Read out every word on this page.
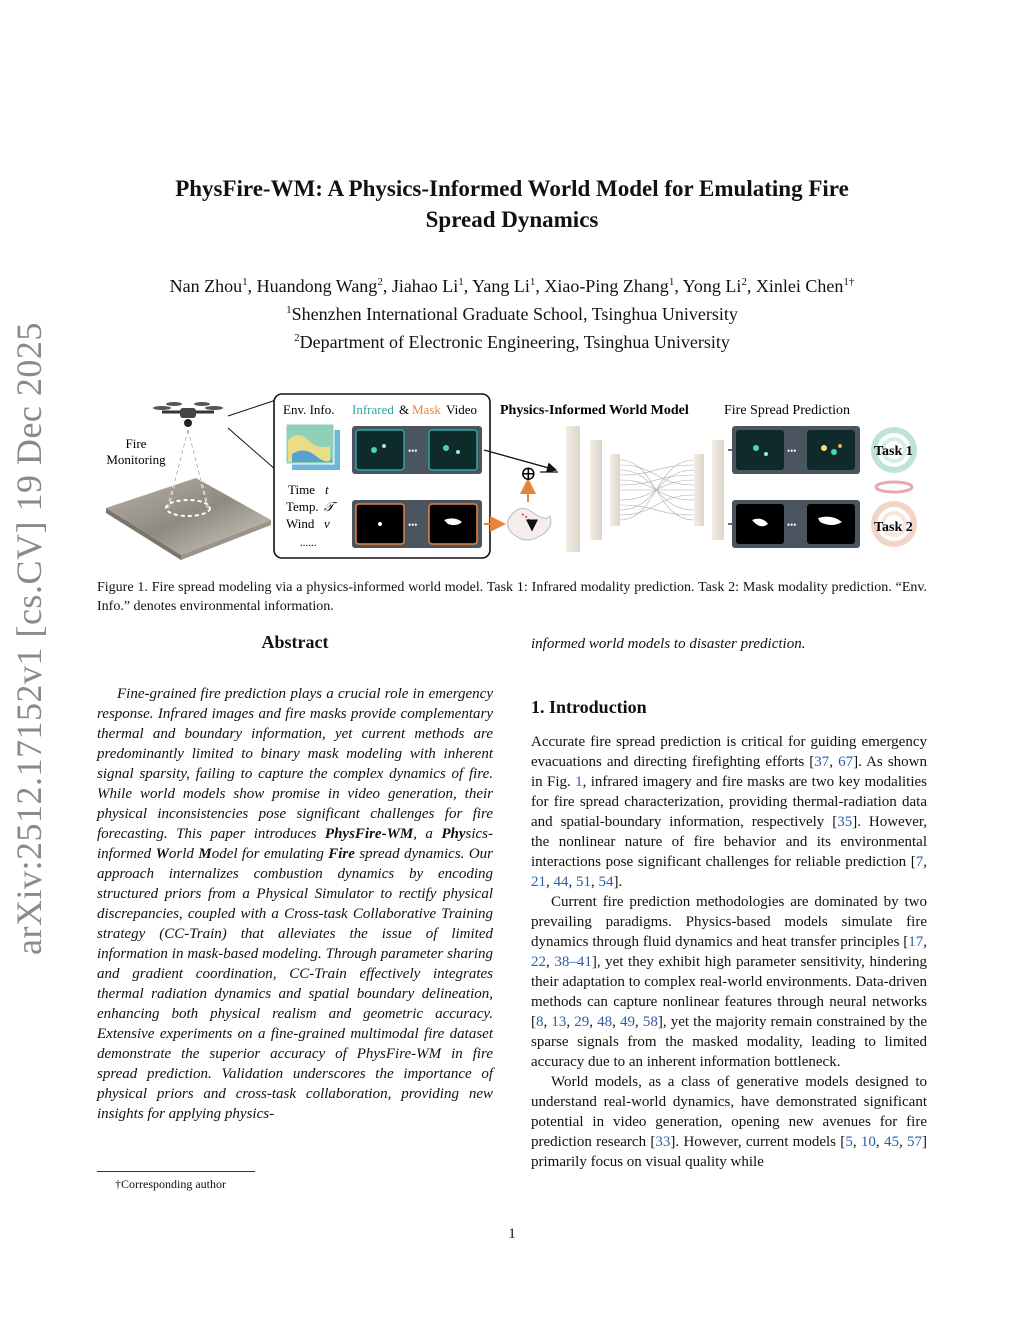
arXiv:2512.17152v1 [cs.CV] 19 Dec 2025
PhysFire-WM: A Physics-Informed World Model for Emulating Fire
Spread Dynamics
Nan Zhou$^1$, Huandong Wang$^2$, Jiahao Li$^1$, Yang Li$^1$, Xiao-Ping Zhang$^1$, Yong Li$^2$, Xinlei Chen$^{1\dagger}$
$^1$Shenzhen International Graduate School, Tsinghua University
$^2$Department of Electronic Engineering, Tsinghua University
Fire
Monitoring
Env. Info. Infrared & Mask Video
Time t
Temp. 𝒯
Wind v
......
•••
•••
⊕
Physics-Informed World Model	Fire Spread Prediction
•••
•••
Task 1
Task 2
Figure 1. Fire spread modeling via a physics-informed world model. Task 1: Infrared modality prediction. Task 2: Mask modality prediction. “Env. Info.” denotes environmental information.
Abstract

Fine-grained fire prediction plays a crucial role in emergency response. Infrared images and fire masks provide complementary thermal and boundary information, yet current methods are predominantly limited to binary mask modeling with inherent signal sparsity, failing to capture the complex dynamics of fire. While world models show promise in video generation, their physical inconsistencies pose significant challenges for fire forecasting. This paper introduces PhysFire-WM, a Physics-informed World Model for emulating Fire spread dynamics. Our approach internalizes combustion dynamics by encoding structured priors from a Physical Simulator to rectify physical discrepancies, coupled with a Cross-task Collaborative Training strategy (CC-Train) that alleviates the issue of limited information in mask-based modeling. Through parameter sharing and gradient coordination, CC-Train effectively integrates thermal radiation dynamics and spatial boundary delineation, enhancing both physical realism and geometric accuracy. Extensive experiments on a fine-grained multimodal fire dataset demonstrate the superior accuracy of PhysFire-WM in fire spread prediction. Validation underscores the importance of physical priors and cross-task collaboration, providing new insights for applying physics-

informed world models to disaster prediction.

1. Introduction

Accurate fire spread prediction is critical for guiding emergency evacuations and directing firefighting efforts [37, 67]. As shown in Fig. 1, infrared imagery and fire masks are two key modalities for fire spread characterization, providing thermal-radiation data and spatial-boundary information, respectively [35]. However, the nonlinear nature of fire behavior and its environmental interactions pose significant challenges for reliable prediction [7, 21, 44, 51, 54].

Current fire prediction methodologies are dominated by two prevailing paradigms. Physics-based models simulate fire dynamics through fluid dynamics and heat transfer principles [17, 22, 38–41], yet they exhibit high parameter sensitivity, hindering their adaptation to complex real-world environments. Data-driven methods can capture nonlinear features through neural networks [8, 13, 29, 48, 49, 58], yet the majority remain constrained by the sparse signals from the masked modality, leading to limited accuracy due to an inherent information bottleneck.

World models, as a class of generative models designed to understand real-world dynamics, have demonstrated significant potential in video generation, opening new avenues for fire prediction research [33]. However, current models [5, 10, 45, 57] primarily focus on visual quality while

†Corresponding author
1
